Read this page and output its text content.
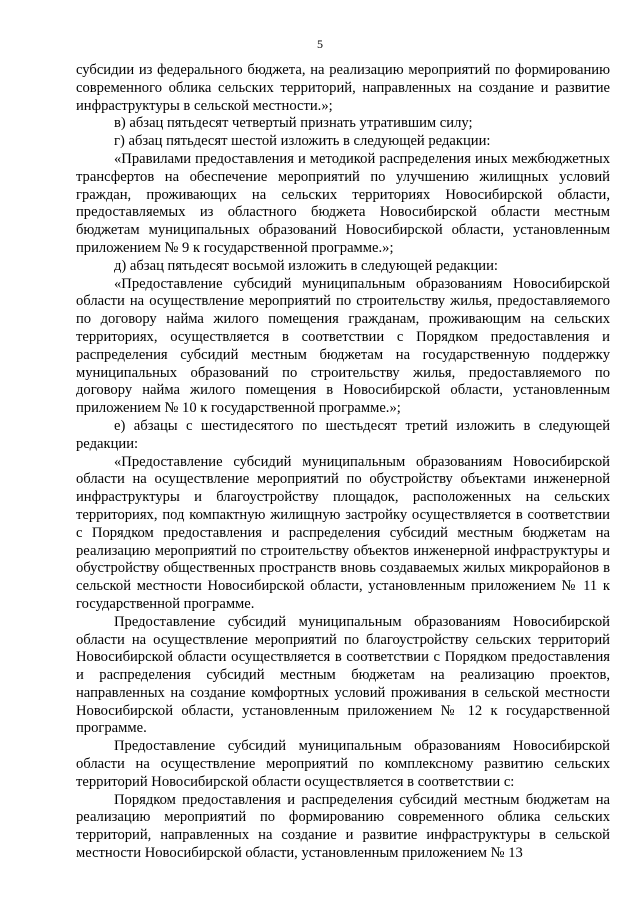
5

субсидии из федерального бюджета, на реализацию мероприятий по формированию современного облика сельских территорий, направленных на создание и развитие инфраструктуры в сельской местности.»;

в) абзац пятьдесят четвертый признать утратившим силу;

г) абзац пятьдесят шестой изложить в следующей редакции:

«Правилами предоставления и методикой распределения иных межбюджетных трансфертов на обеспечение мероприятий по улучшению жилищных условий граждан, проживающих на сельских территориях Новосибирской области, предоставляемых из областного бюджета Новосибирской области местным бюджетам муниципальных образований Новосибирской области, установленным приложением № 9 к государственной программе.»;

д) абзац пятьдесят восьмой изложить в следующей редакции:

«Предоставление субсидий муниципальным образованиям Новосибирской области на осуществление мероприятий по строительству жилья, предоставляемого по договору найма жилого помещения гражданам, проживающим на сельских территориях, осуществляется в соответствии с Порядком предоставления и распределения субсидий местным бюджетам на государственную поддержку муниципальных образований по строительству жилья, предоставляемого по договору найма жилого помещения в Новосибирской области, установленным приложением № 10 к государственной программе.»;

е) абзацы с шестидесятого по шестьдесят третий изложить в следующей редакции:

«Предоставление субсидий муниципальным образованиям Новосибирской области на осуществление мероприятий по обустройству объектами инженерной инфраструктуры и благоустройству площадок, расположенных на сельских территориях, под компактную жилищную застройку осуществляется в соответствии с Порядком предоставления и распределения субсидий местным бюджетам на реализацию мероприятий по строительству объектов инженерной инфраструктуры и обустройству общественных пространств вновь создаваемых жилых микрорайонов в сельской местности Новосибирской области, установленным приложением № 11 к государственной программе.

Предоставление субсидий муниципальным образованиям Новосибирской области на осуществление мероприятий по благоустройству сельских территорий Новосибирской области осуществляется в соответствии с Порядком предоставления и распределения субсидий местным бюджетам на реализацию проектов, направленных на создание комфортных условий проживания в сельской местности Новосибирской области, установленным приложением № 12 к государственной программе.

Предоставление субсидий муниципальным образованиям Новосибирской области на осуществление мероприятий по комплексному развитию сельских территорий Новосибирской области осуществляется в соответствии с:

Порядком предоставления и распределения субсидий местным бюджетам на реализацию мероприятий по формированию современного облика сельских территорий, направленных на создание и развитие инфраструктуры в сельской местности Новосибирской области, установленным приложением № 13
